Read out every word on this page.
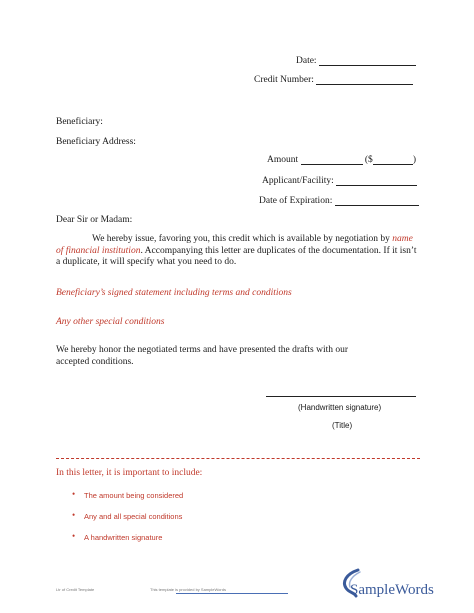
Date:
Credit Number:
Beneficiary:
Beneficiary Address:
Amount	($	)
Applicant/Facility:
Date of Expiration:
Dear Sir or Madam:
We hereby issue, favoring you, this credit which is available by negotiation by name of financial institution. Accompanying this letter are duplicates of the documentation. If it isn’t a duplicate, it will specify what you need to do.
Beneficiary’s signed statement including terms and conditions
Any other special conditions
We hereby honor the negotiated terms and have presented the drafts with our accepted conditions.
(Handwritten signature)
(Title)
In this letter, it is important to include:
• The amount being considered
• Any and all special conditions
• A handwritten signature
Ltr of Credit Template	This template is provided by SampleWords	SampleWords
